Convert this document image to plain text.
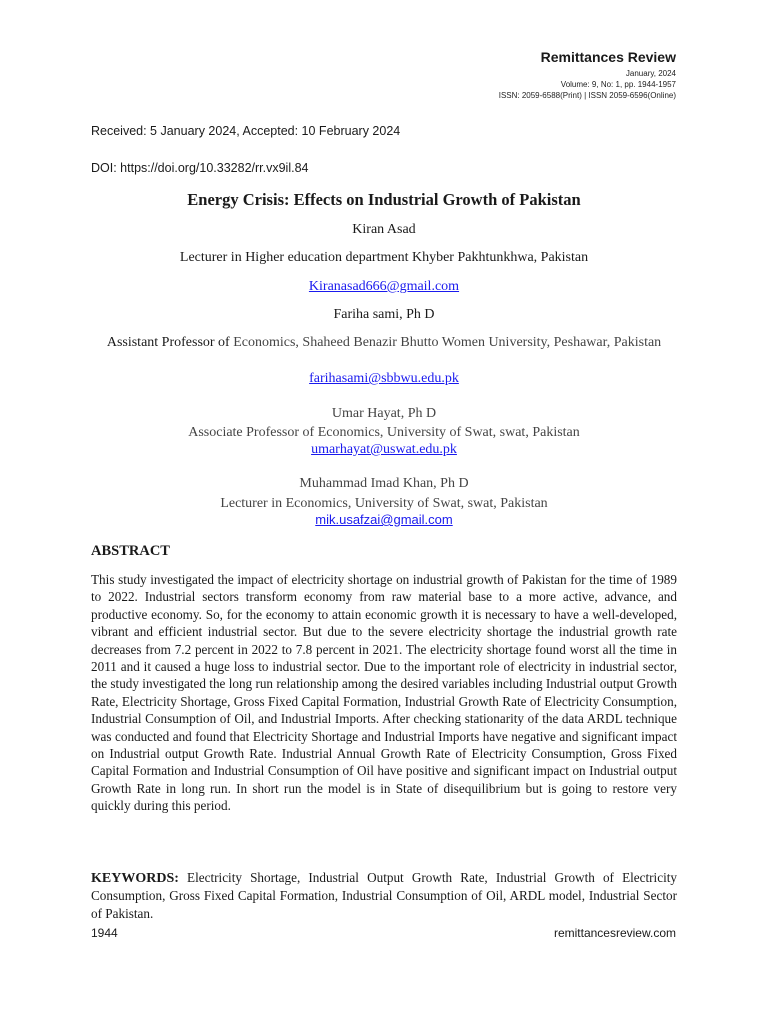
Remittances Review
January, 2024
Volume: 9, No: 1, pp. 1944-1957
ISSN: 2059-6588(Print) | ISSN 2059-6596(Online)
Received: 5 January 2024, Accepted: 10 February 2024
DOI: https://doi.org/10.33282/rr.vx9il.84
Energy Crisis: Effects on Industrial Growth of Pakistan
Kiran Asad
Lecturer in Higher education department Khyber Pakhtunkhwa, Pakistan
Kiranasad666@gmail.com
Fariha sami, Ph D
Assistant Professor of Economics, Shaheed Benazir Bhutto Women University, Peshawar, Pakistan
farihasami@sbbwu.edu.pk
Umar Hayat, Ph D
Associate Professor of Economics, University of Swat, swat, Pakistan
umarhayat@uswat.edu.pk
Muhammad Imad Khan, Ph D
Lecturer in Economics, University of Swat, swat, Pakistan
mik.usafzai@gmail.com
ABSTRACT
This study investigated the impact of electricity shortage on industrial growth of Pakistan for the time of 1989 to 2022. Industrial sectors transform economy from raw material base to a more active, advance, and productive economy. So, for the economy to attain economic growth it is necessary to have a well-developed, vibrant and efficient industrial sector. But due to the severe electricity shortage the industrial growth rate decreases from 7.2 percent in 2022 to 7.8 percent in 2021. The electricity shortage found worst all the time in 2011 and it caused a huge loss to industrial sector. Due to the important role of electricity in industrial sector, the study investigated the long run relationship among the desired variables including Industrial output Growth Rate, Electricity Shortage, Gross Fixed Capital Formation, Industrial Growth Rate of Electricity Consumption, Industrial Consumption of Oil, and Industrial Imports. After checking stationarity of the data ARDL technique was conducted and found that Electricity Shortage and Industrial Imports have negative and significant impact on Industrial output Growth Rate. Industrial Annual Growth Rate of Electricity Consumption, Gross Fixed Capital Formation and Industrial Consumption of Oil have positive and significant impact on Industrial output Growth Rate in long run. In short run the model is in State of disequilibrium but is going to restore very quickly during this period.
KEYWORDS: Electricity Shortage, Industrial Output Growth Rate, Industrial Growth of Electricity Consumption, Gross Fixed Capital Formation, Industrial Consumption of Oil, ARDL model, Industrial Sector of Pakistan.
1944	remittancesreview.com
